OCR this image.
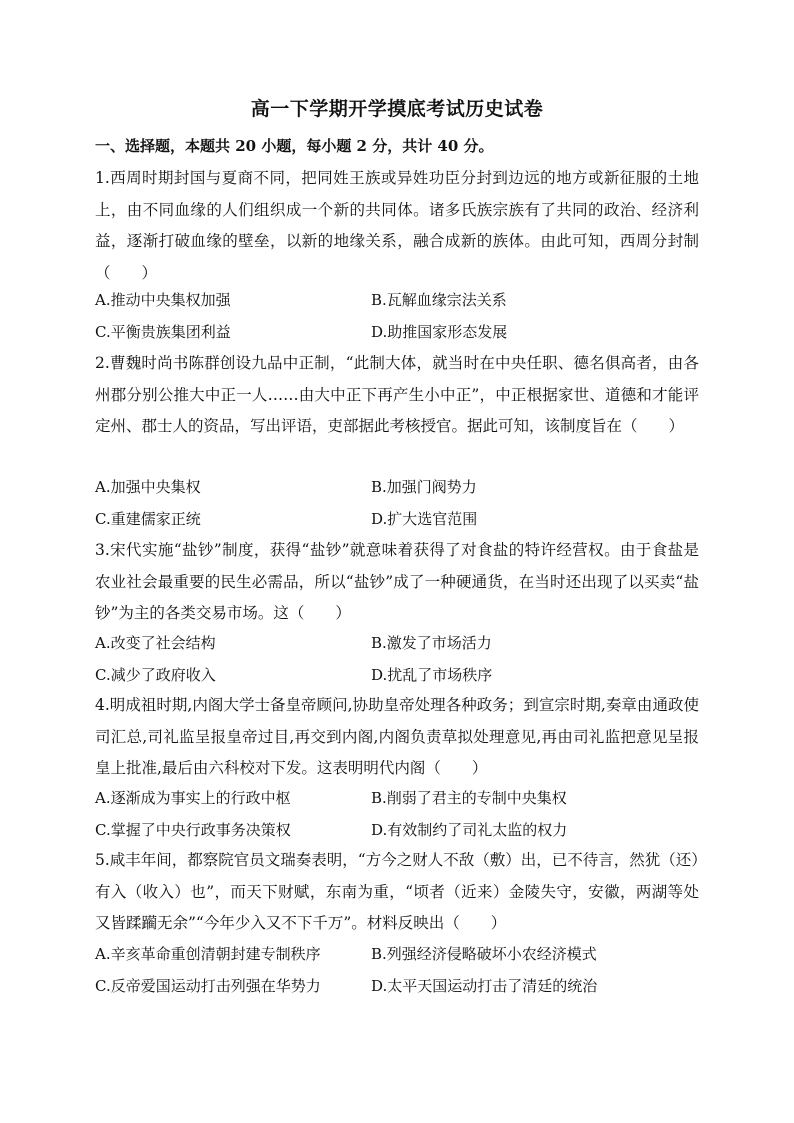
高一下学期开学摸底考试历史试卷
一、选择题，本题共 20 小题，每小题 2 分，共计 40 分。
1.西周时期封国与夏商不同，把同姓王族或异姓功臣分封到边远的地方或新征服的土地上，由不同血缘的人们组织成一个新的共同体。诸多氏族宗族有了共同的政治、经济利益，逐渐打破血缘的壁垒，以新的地缘关系，融合成新的族体。由此可知，西周分封制（　　）
A.推动中央集权加强	B.瓦解血缘宗法关系
C.平衡贵族集团利益	D.助推国家形态发展
2.曹魏时尚书陈群创设九品中正制，“此制大体，就当时在中央任职、德名俱高者，由各州郡分别公推大中正一人……由大中正下再产生小中正”，中正根据家世、道德和才能评定州、郡士人的资品，写出评语，吏部据此考核授官。据此可知，该制度旨在（　　）
A.加强中央集权	B.加强门阀势力
C.重建儒家正统	D.扩大选官范围
3.宋代实施“盐钞”制度，获得“盐钞”就意味着获得了对食盐的特许经营权。由于食盐是农业社会最重要的民生必需品，所以“盐钞”成了一种硬通货，在当时还出现了以买卖“盐钞”为主的各类交易市场。这（　　）
A.改变了社会结构	B.激发了市场活力
C.减少了政府收入	D.扰乱了市场秩序
4.明成祖时期,内阁大学士备皇帝顾问,协助皇帝处理各种政务；到宣宗时期,奏章由通政使司汇总,司礼监呈报皇帝过目,再交到内阁,内阁负责草拟处理意见,再由司礼监把意见呈报皇上批准,最后由六科校对下发。这表明明代内阁（　　）
A.逐渐成为事实上的行政中枢	B.削弱了君主的专制中央集权
C.掌握了中央行政事务决策权	D.有效制约了司礼太监的权力
5.咸丰年间，都察院官员文瑞奏表明，“方今之财人不敌（敷）出，已不待言，然犹（还）有入（收入）也”，而天下财赋，东南为重，“顷者（近来）金陵失守，安徽，两湖等处又皆蹂躏无余”“今年少入又不下千万”。材料反映出（　　）
A.辛亥革命重创清朝封建专制秩序	B.列强经济侵略破坏小农经济模式
C.反帝爱国运动打击列强在华势力	D.太平天国运动打击了清廷的统治
